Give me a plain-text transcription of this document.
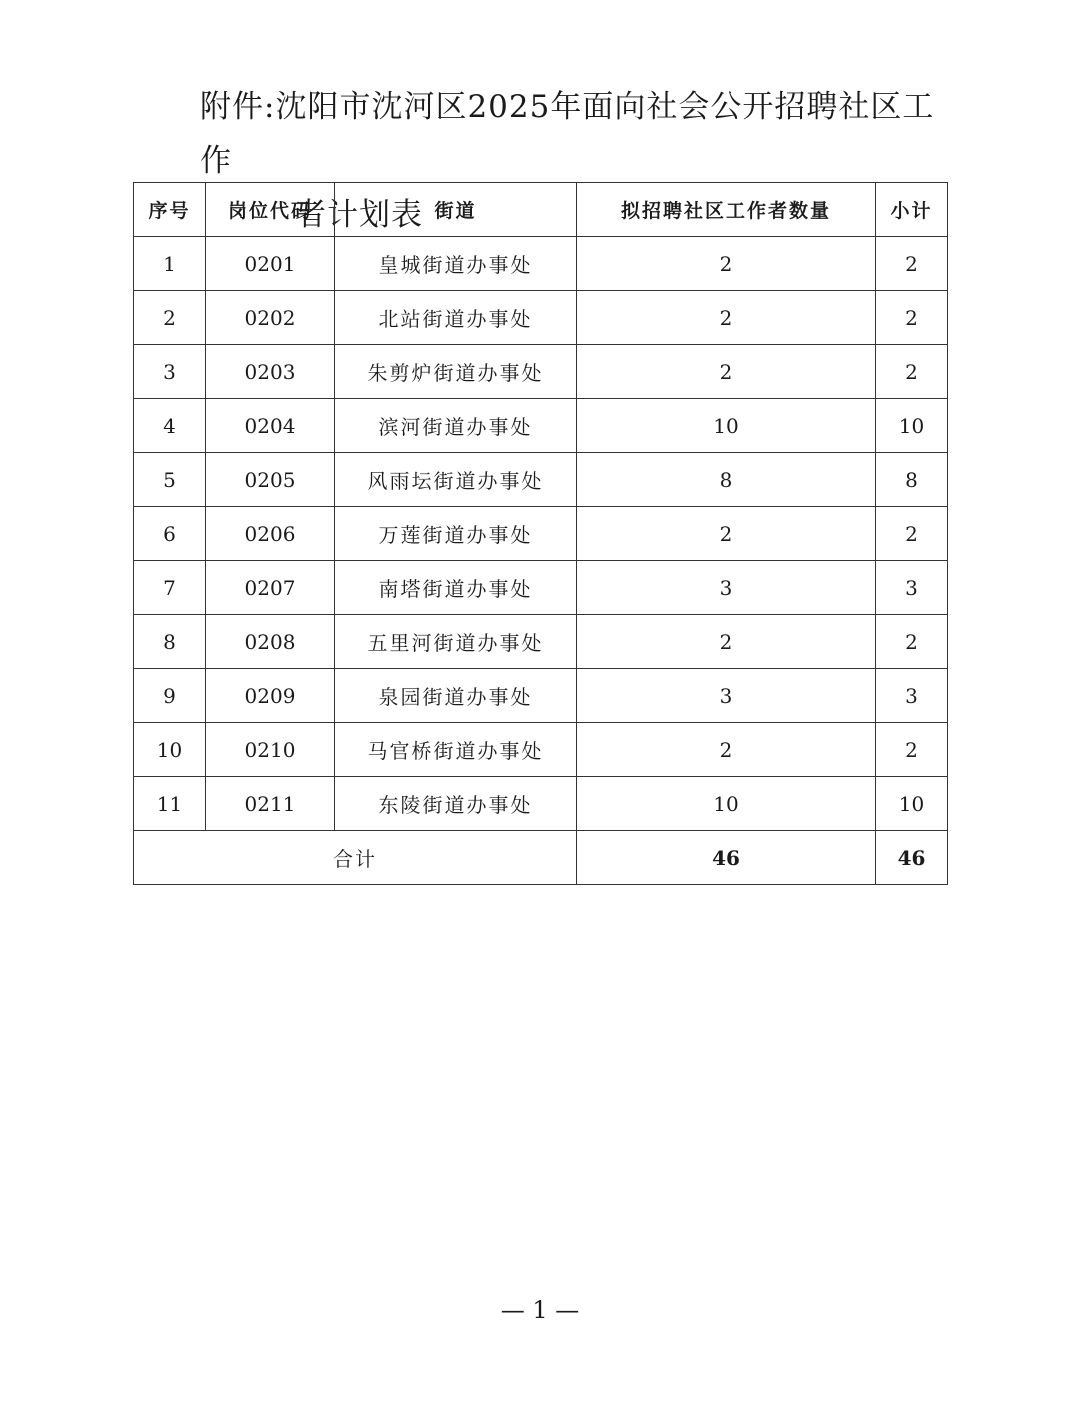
附件:沈阳市沈河区2025年面向社会公开招聘社区工作
者计划表
序号	岗位代码	街道	拟招聘社区工作者数量	小计
1	0201	皇城街道办事处	2	2
2	0202	北站街道办事处	2	2
3	0203	朱剪炉街道办事处	2	2
4	0204	滨河街道办事处	10	10
5	0205	风雨坛街道办事处	8	8
6	0206	万莲街道办事处	2	2
7	0207	南塔街道办事处	3	3
8	0208	五里河街道办事处	2	2
9	0209	泉园街道办事处	3	3
10	0210	马官桥街道办事处	2	2
11	0211	东陵街道办事处	10	10
合计			46	46
— 1 —
